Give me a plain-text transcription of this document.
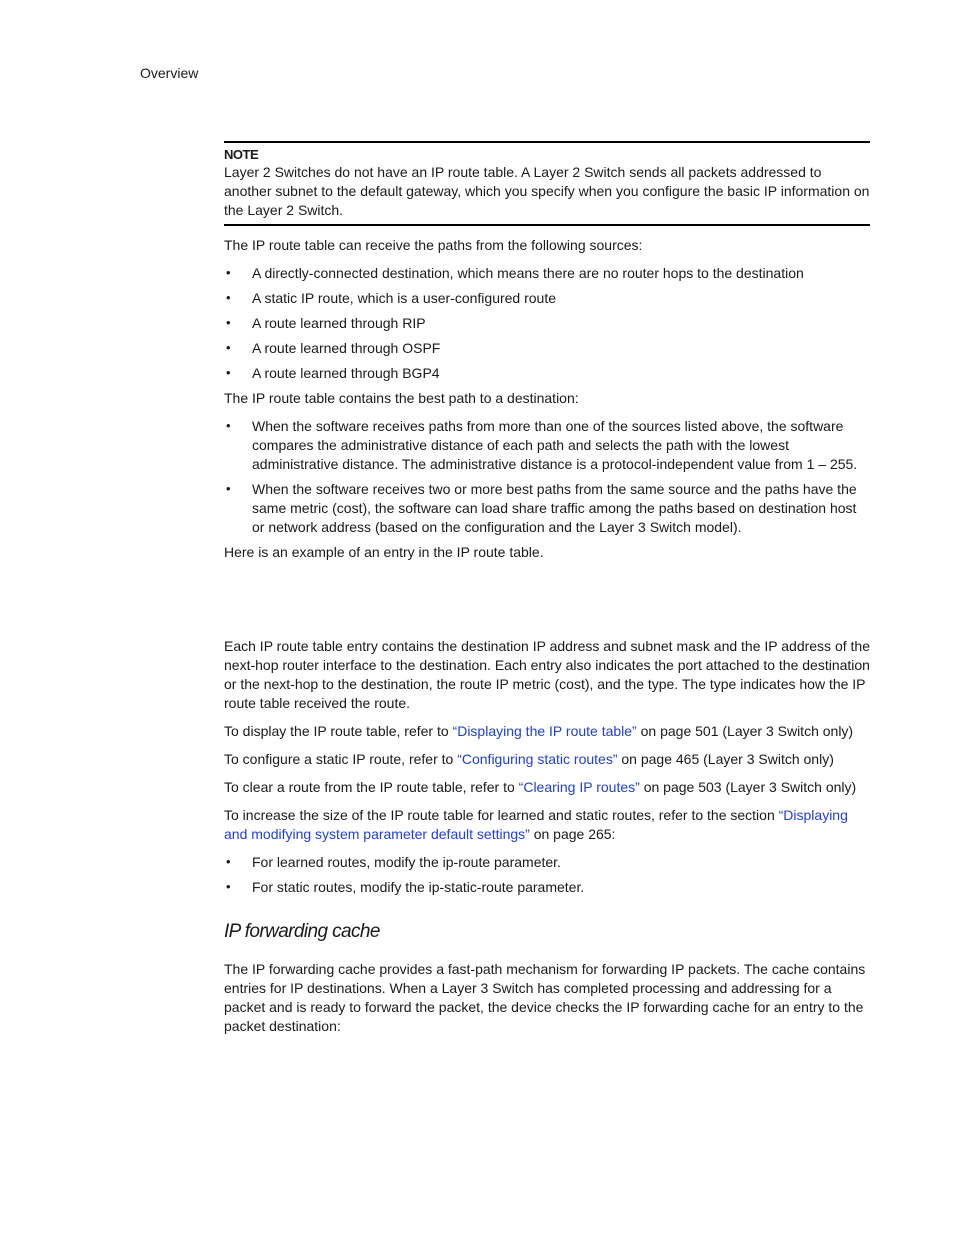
Overview
NOTE
Layer 2 Switches do not have an IP route table. A Layer 2 Switch sends all packets addressed to another subnet to the default gateway, which you specify when you configure the basic IP information on the Layer 2 Switch.

The IP route table can receive the paths from the following sources:

• A directly-connected destination, which means there are no router hops to the destination
• A static IP route, which is a user-configured route
• A route learned through RIP
• A route learned through OSPF
• A route learned through BGP4

The IP route table contains the best path to a destination:

• When the software receives paths from more than one of the sources listed above, the software compares the administrative distance of each path and selects the path with the lowest administrative distance. The administrative distance is a protocol-independent value from 1 – 255.
• When the software receives two or more best paths from the same source and the paths have the same metric (cost), the software can load share traffic among the paths based on destination host or network address (based on the configuration and the Layer 3 Switch model).

Here is an example of an entry in the IP route table.

Each IP route table entry contains the destination IP address and subnet mask and the IP address of the next-hop router interface to the destination. Each entry also indicates the port attached to the destination or the next-hop to the destination, the route IP metric (cost), and the type. The type indicates how the IP route table received the route.

To display the IP route table, refer to “Displaying the IP route table” on page 501 (Layer 3 Switch only)

To configure a static IP route, refer to “Configuring static routes” on page 465 (Layer 3 Switch only)

To clear a route from the IP route table, refer to “Clearing IP routes” on page 503 (Layer 3 Switch only)

To increase the size of the IP route table for learned and static routes, refer to the section “Displaying and modifying system parameter default settings” on page 265:

• For learned routes, modify the ip-route parameter.
• For static routes, modify the ip-static-route parameter.
IP forwarding cache

The IP forwarding cache provides a fast-path mechanism for forwarding IP packets. The cache contains entries for IP destinations. When a Layer 3 Switch has completed processing and addressing for a packet and is ready to forward the packet, the device checks the IP forwarding cache for an entry to the packet destination:
